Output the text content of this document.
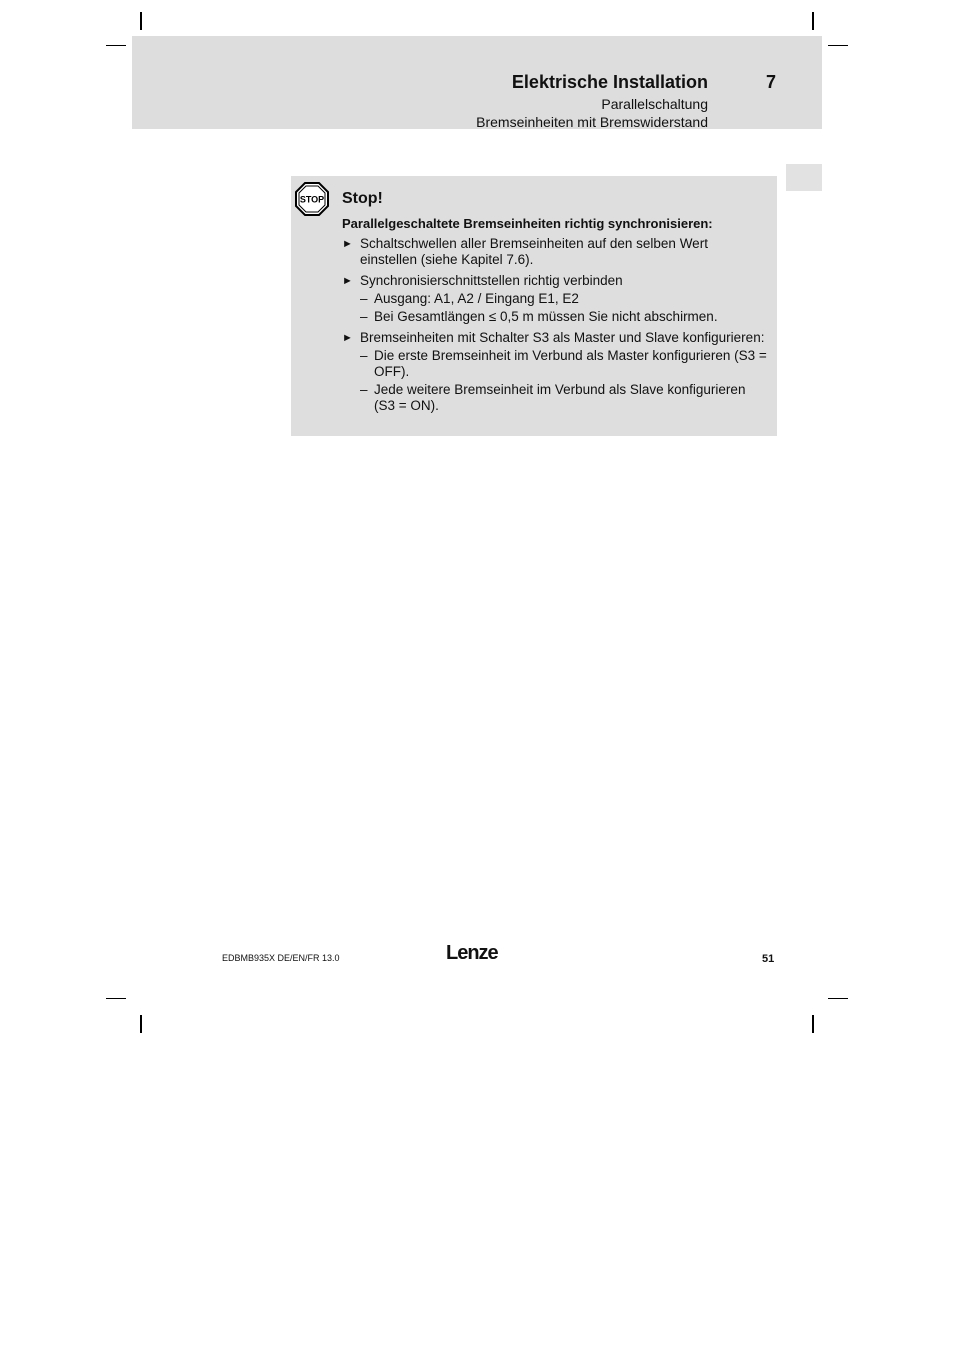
Elektrische Installation	7
Parallelschaltung
Bremseinheiten mit Bremswiderstand
STOP Stop!
Parallelgeschaltete Bremseinheiten richtig synchronisieren:
► Schaltschwellen aller Bremseinheiten auf den selben Wert einstellen (siehe Kapitel 7.6).
► Synchronisierschnittstellen richtig verbinden
– Ausgang: A1, A2 / Eingang E1, E2
– Bei Gesamtlängen ≤ 0,5 m müssen Sie nicht abschirmen.
► Bremseinheiten mit Schalter S3 als Master und Slave konfigurieren:
– Die erste Bremseinheit im Verbund als Master konfigurieren (S3 = OFF).
– Jede weitere Bremseinheit im Verbund als Slave konfigurieren (S3 = ON).
EDBMB935X DE/EN/FR 13.0	Lenze	51
